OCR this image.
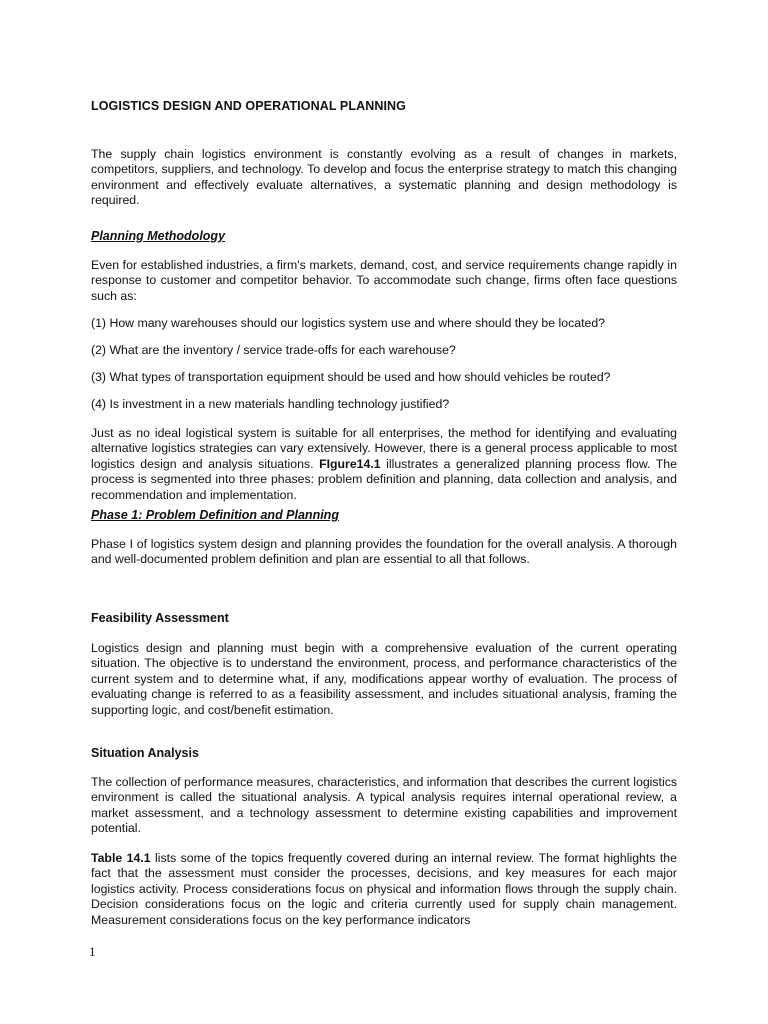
LOGISTICS DESIGN AND OPERATIONAL PLANNING

The supply chain logistics environment is constantly evolving as a result of changes in markets, competitors, suppliers, and technology. To develop and focus the enterprise strategy to match this changing environment and effectively evaluate alternatives, a systematic planning and design methodology is required.

Planning Methodology

Even for established industries, a firm's markets, demand, cost, and service requirements change rapidly in response to customer and competitor behavior. To accommodate such change, firms often face questions such as:

(1) How many warehouses should our logistics system use and where should they be located?

(2) What are the inventory / service trade-offs for each warehouse?

(3) What types of transportation equipment should be used and how should vehicles be routed?

(4) Is investment in a new materials handling technology justified?

Just as no ideal logistical system is suitable for all enterprises, the method for identifying and evaluating alternative logistics strategies can vary extensively. However, there is a general process applicable to most logistics design and analysis situations. FIgure14.1 illustrates a generalized planning process flow. The process is segmented into three phases: problem definition and planning, data collection and analysis, and recommendation and implementation.

Phase 1: Problem Definition and Planning

Phase I of logistics system design and planning provides the foundation for the overall analysis. A thorough and well-documented problem definition and plan are essential to all that follows.

Feasibility Assessment

Logistics design and planning must begin with a comprehensive evaluation of the current operating situation. The objective is to understand the environment, process, and performance characteristics of the current system and to determine what, if any, modifications appear worthy of evaluation. The process of evaluating change is referred to as a feasibility assessment, and includes situational analysis, framing the supporting logic, and cost/benefit estimation.

Situation Analysis

The collection of performance measures, characteristics, and information that describes the current logistics environment is called the situational analysis. A typical analysis requires internal operational review, a market assessment, and a technology assessment to determine existing capabilities and improvement potential.

Table 14.1 lists some of the topics frequently covered during an internal review. The format highlights the fact that the assessment must consider the processes, decisions, and key measures for each major logistics activity. Process considerations focus on physical and information flows through the supply chain. Decision considerations focus on the logic and criteria currently used for supply chain management. Measurement considerations focus on the key performance indicators

1
